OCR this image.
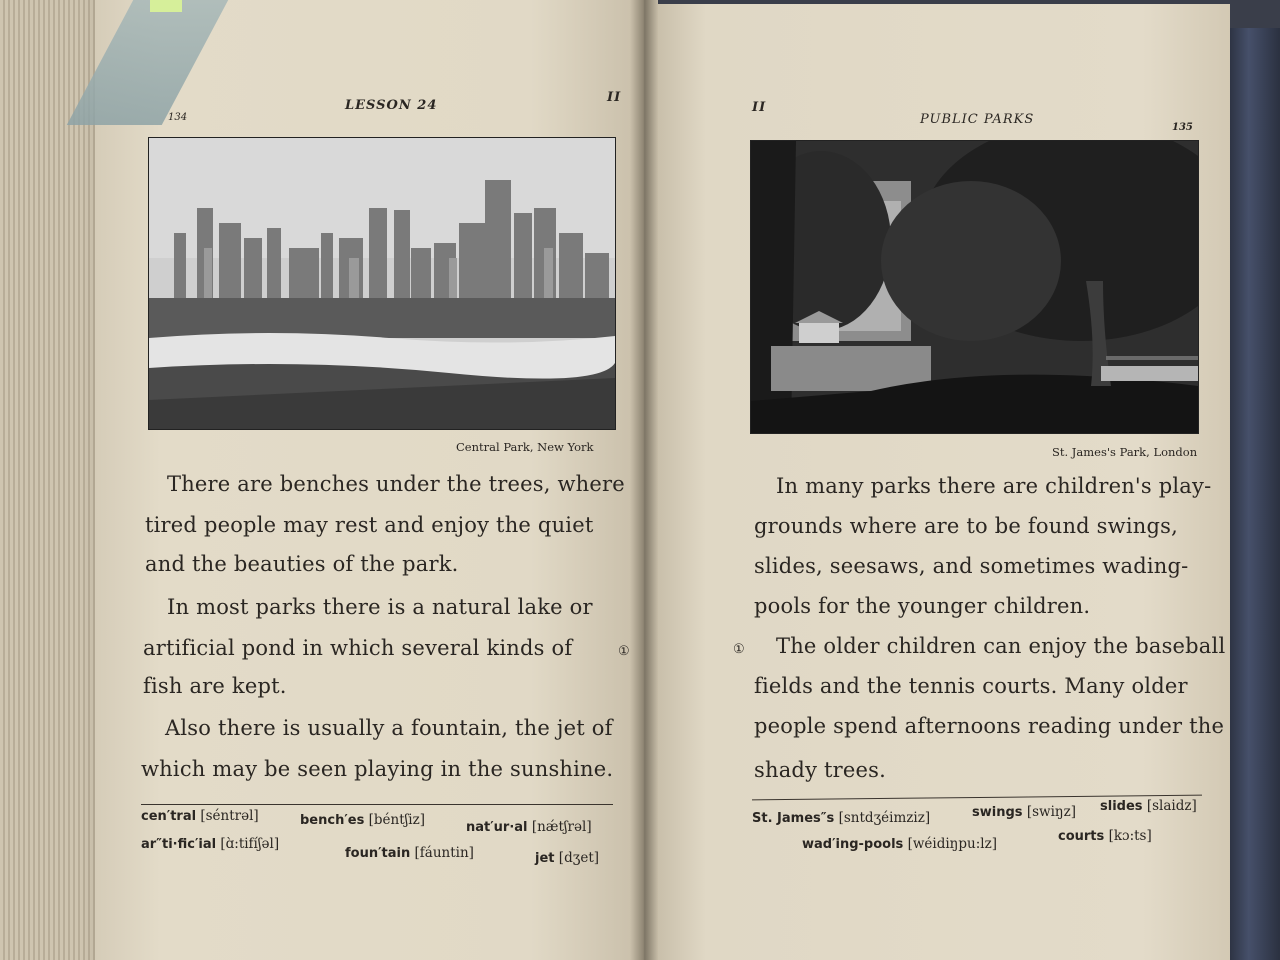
134
LESSON 24
II
Central Park, New York
There are benches under the trees, where
tired people may rest and enjoy the quiet
and the beauties of the park.
In most parks there is a natural lake or
artificial pond in which several kinds of	①
fish are kept.
Also there is usually a fountain, the jet of
which may be seen playing in the sunshine.
cen′tral [séntrəl]	bench′es [béntʃiz]	nat′ur·al [nǽtʃrəl]
ar″ti·fic′ial [ɑ̀:tifíʃəl]
foun′tain [fáuntin]	jet [dʒet]
II
PUBLIC PARKS
135
St. James's Park, London
In many parks there are children's play-
grounds where are to be found swings,
slides, seesaws, and sometimes wading-
pools for the younger children.
① The older children can enjoy the baseball
fields and the tennis courts. Many older
people spend afternoons reading under the
shady trees.
St. James″s [sntdʒéimziz]	swings [swiŋz] slides [slaidz]
wad′ing-pools [wéidiŋpu:lz]	courts [kɔ:ts]
